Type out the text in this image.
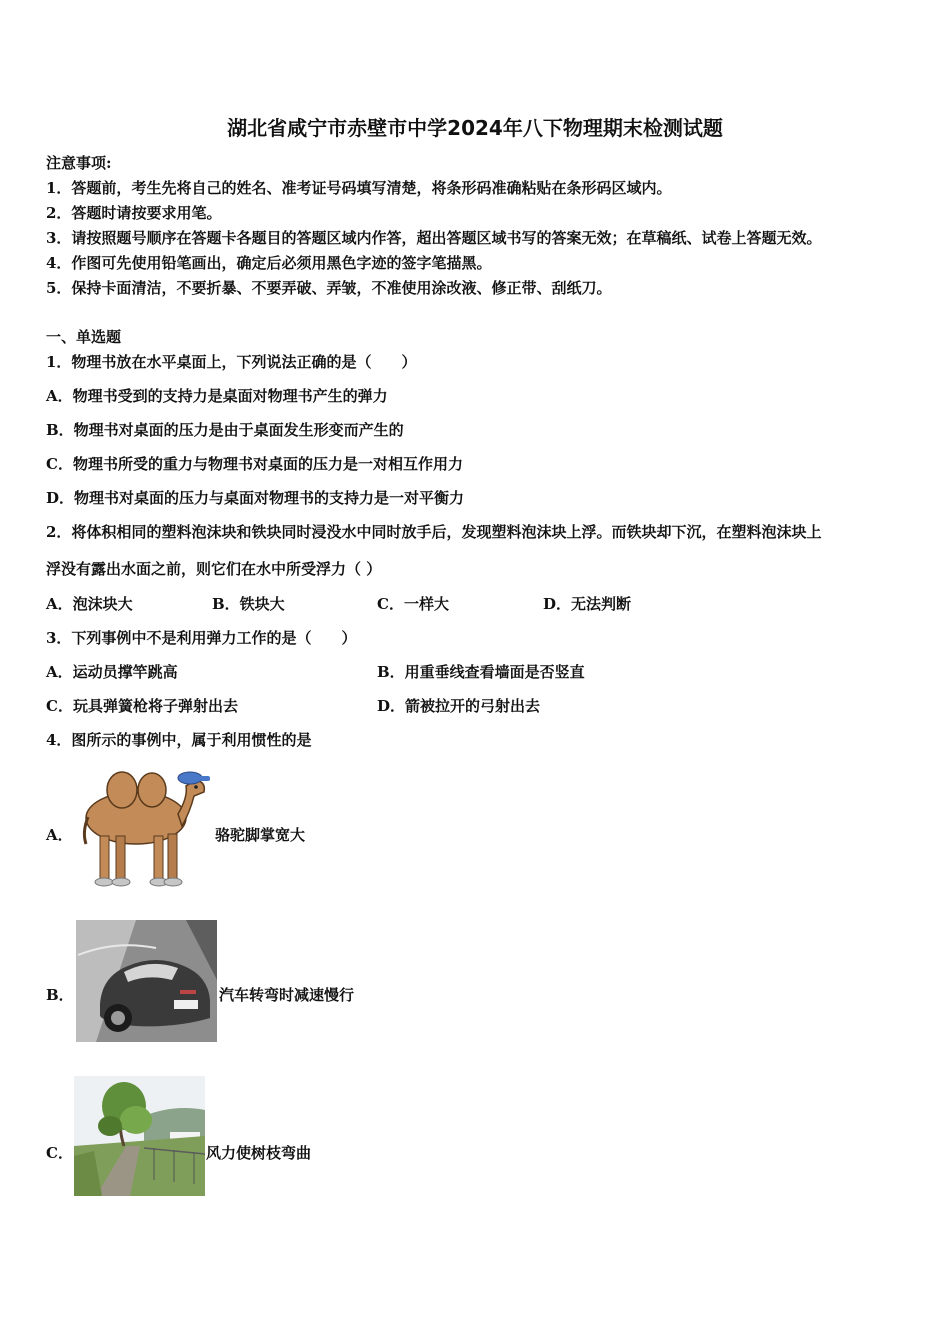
湖北省咸宁市赤壁市中学2024年八下物理期末检测试题
注意事项:
1．答题前，考生先将自己的姓名、准考证号码填写清楚，将条形码准确粘贴在条形码区域内。
2．答题时请按要求用笔。
3．请按照题号顺序在答题卡各题目的答题区域内作答，超出答题区域书写的答案无效；在草稿纸、试卷上答题无效。
4．作图可先使用铅笔画出，确定后必须用黑色字迹的签字笔描黑。
5．保持卡面清洁，不要折暴、不要弄破、弄皱，不准使用涂改液、修正带、刮纸刀。
一、单选题
1．物理书放在水平桌面上，下列说法正确的是（　　）
A．物理书受到的支持力是桌面对物理书产生的弹力
B．物理书对桌面的压力是由于桌面发生形变而产生的
C．物理书所受的重力与物理书对桌面的压力是一对相互作用力
D．物理书对桌面的压力与桌面对物理书的支持力是一对平衡力
2．将体积相同的塑料泡沫块和铁块同时浸没水中同时放手后，发现塑料泡沫块上浮。而铁块却下沉，在塑料泡沫块上
浮没有露出水面之前，则它们在水中所受浮力（ ）
A．泡沫块大	B．铁块大	C．一样大	D．无法判断
3．下列事例中不是利用弹力工作的是（　　）
A．运动员撑竿跳高	B．用重垂线查看墙面是否竖直
C．玩具弹簧枪将子弹射出去	D．箭被拉开的弓射出去
4．图所示的事例中，属于利用惯性的是
A．	骆驼脚掌宽大
B．	汽车转弯时减速慢行
C．	风力使树枝弯曲
